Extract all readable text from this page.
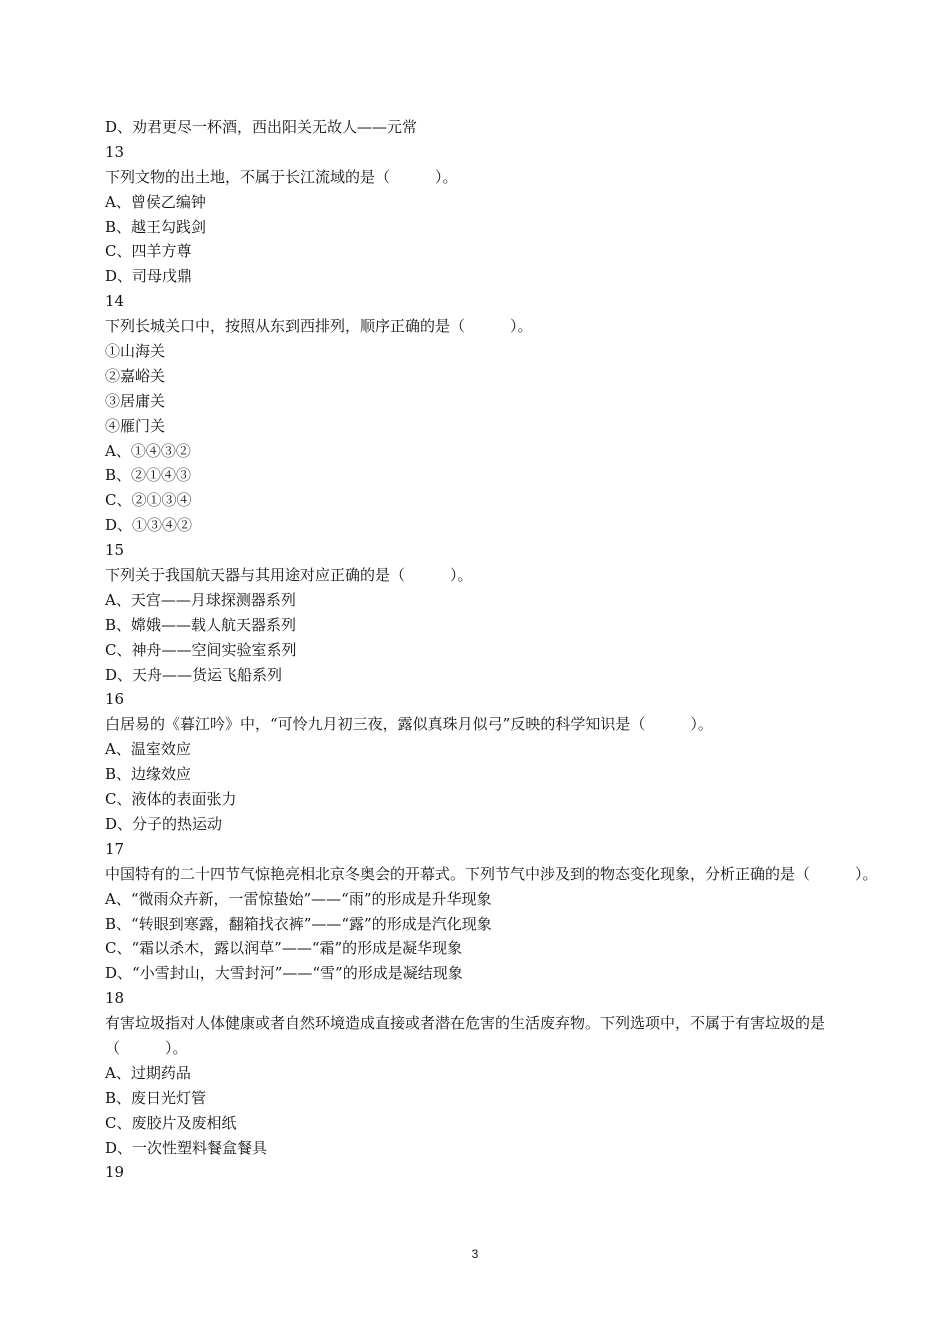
D、劝君更尽一杯酒，西出阳关无故人——元常
13
下列文物的出土地，不属于长江流域的是（　　　）。
A、曾侯乙编钟
B、越王勾践剑
C、四羊方尊
D、司母戊鼎
14
下列长城关口中，按照从东到西排列，顺序正确的是（　　　）。
①山海关
②嘉峪关
③居庸关
④雁门关
A、①④③②
B、②①④③
C、②①③④
D、①③④②
15
下列关于我国航天器与其用途对应正确的是（　　　）。
A、天宫——月球探测器系列
B、嫦娥——载人航天器系列
C、神舟——空间实验室系列
D、天舟——货运飞船系列
16
白居易的《暮江吟》中，“可怜九月初三夜，露似真珠月似弓”反映的科学知识是（　　　）。
A、温室效应
B、边缘效应
C、液体的表面张力
D、分子的热运动
17
中国特有的二十四节气惊艳亮相北京冬奥会的开幕式。下列节气中涉及到的物态变化现象，分析正确的是（　　　）。
A、“微雨众卉新，一雷惊蛰始”——“雨”的形成是升华现象
B、“转眼到寒露，翻箱找衣裤”——“露”的形成是汽化现象
C、“霜以杀木，露以润草”——“霜”的形成是凝华现象
D、“小雪封山，大雪封河”——“雪”的形成是凝结现象
18
有害垃圾指对人体健康或者自然环境造成直接或者潜在危害的生活废弃物。下列选项中，不属于有害垃圾的是（　　　）。
A、过期药品
B、废日光灯管
C、废胶片及废相纸
D、一次性塑料餐盒餐具
19
3
